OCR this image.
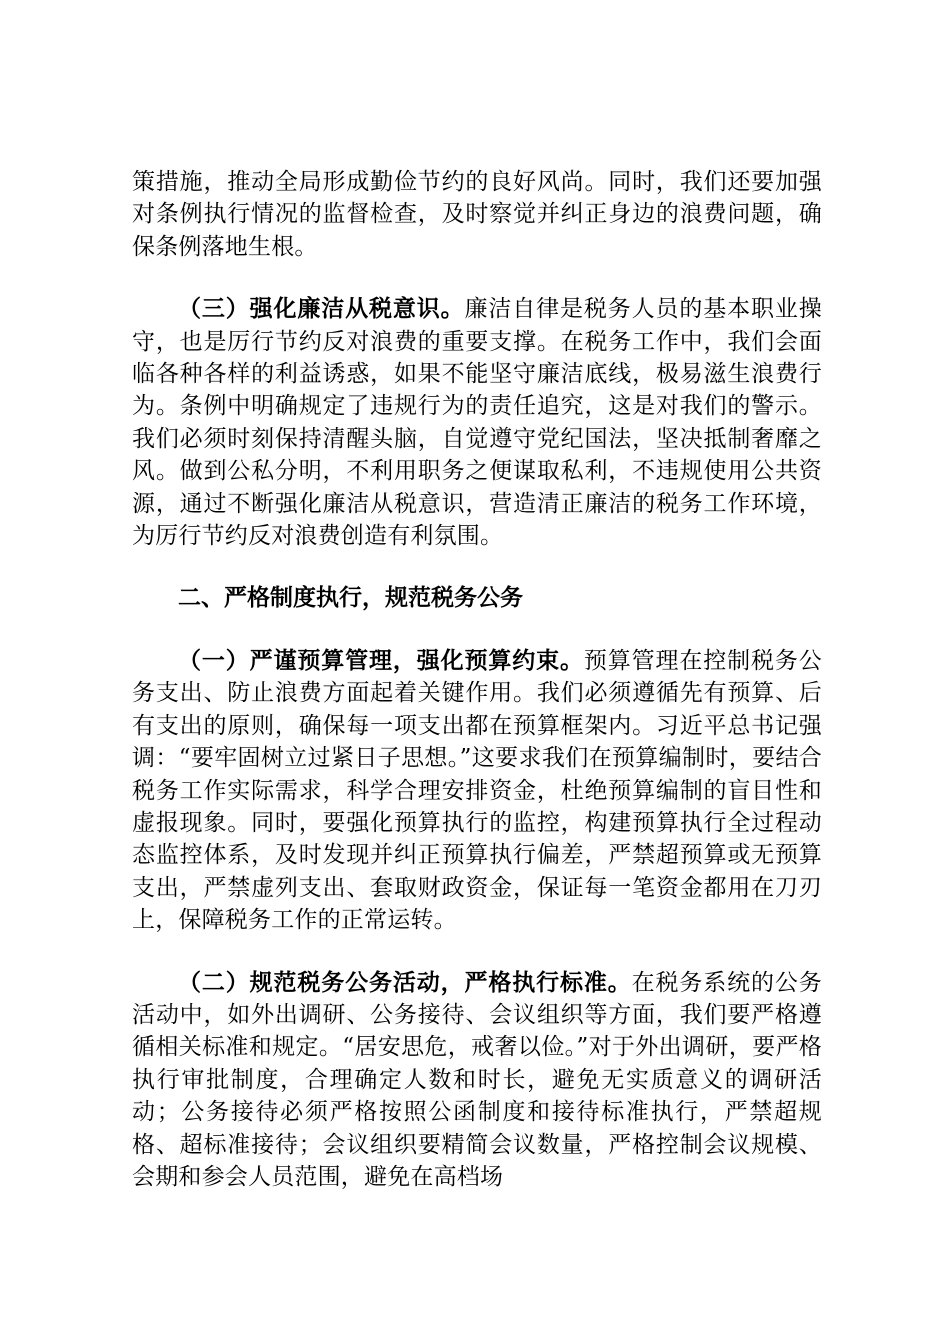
策措施，推动全局形成勤俭节约的良好风尚。同时，我们还要加强对条例执行情况的监督检查，及时察觉并纠正身边的浪费问题，确保条例落地生根。

（三）强化廉洁从税意识。廉洁自律是税务人员的基本职业操守，也是厉行节约反对浪费的重要支撑。在税务工作中，我们会面临各种各样的利益诱惑，如果不能坚守廉洁底线，极易滋生浪费行为。条例中明确规定了违规行为的责任追究，这是对我们的警示。我们必须时刻保持清醒头脑，自觉遵守党纪国法，坚决抵制奢靡之风。做到公私分明，不利用职务之便谋取私利，不违规使用公共资源，通过不断强化廉洁从税意识，营造清正廉洁的税务工作环境，为厉行节约反对浪费创造有利氛围。

二、严格制度执行，规范税务公务

（一）严谨预算管理，强化预算约束。预算管理在控制税务公务支出、防止浪费方面起着关键作用。我们必须遵循先有预算、后有支出的原则，确保每一项支出都在预算框架内。习近平总书记强调：“要牢固树立过紧日子思想。”这要求我们在预算编制时，要结合税务工作实际需求，科学合理安排资金，杜绝预算编制的盲目性和虚报现象。同时，要强化预算执行的监控，构建预算执行全过程动态监控体系，及时发现并纠正预算执行偏差，严禁超预算或无预算支出，严禁虚列支出、套取财政资金，保证每一笔资金都用在刀刃上，保障税务工作的正常运转。

（二）规范税务公务活动，严格执行标准。在税务系统的公务活动中，如外出调研、公务接待、会议组织等方面，我们要严格遵循相关标准和规定。“居安思危，戒奢以俭。”对于外出调研，要严格执行审批制度，合理确定人数和时长，避免无实质意义的调研活动；公务接待必须严格按照公函制度和接待标准执行，严禁超规格、超标准接待；会议组织要精简会议数量，严格控制会议规模、会期和参会人员范围，避免在高档场
